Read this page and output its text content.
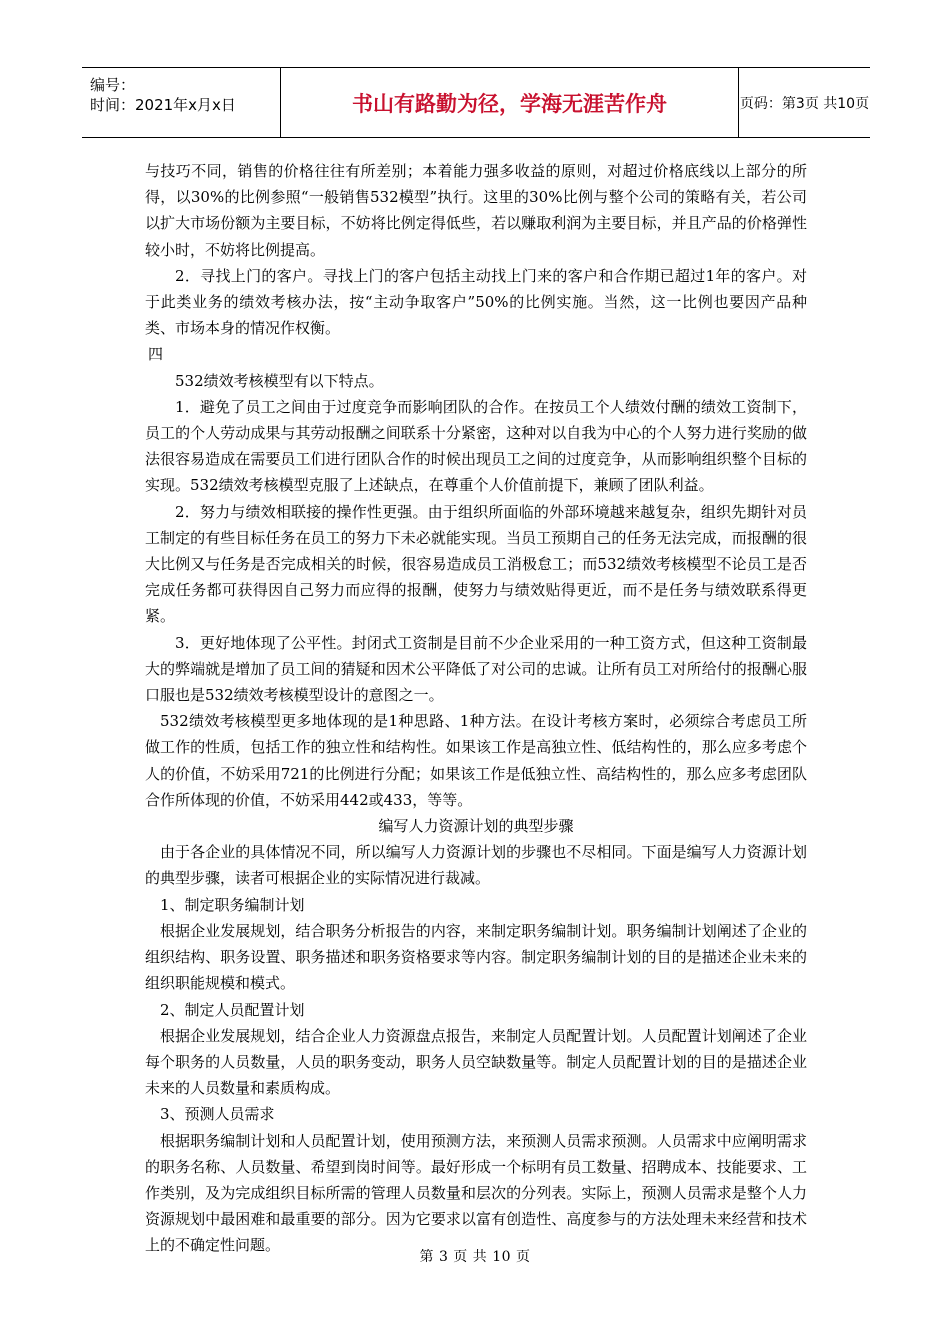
编号：
时间：2021年x月x日	书山有路勤为径，学海无涯苦作舟	页码：第3页 共10页

与技巧不同，销售的价格往往有所差别；本着能力强多收益的原则，对超过价格底线以上部分的所得，以30%的比例参照“一般销售532模型”执行。这里的30%比例与整个公司的策略有关，若公司以扩大市场份额为主要目标，不妨将比例定得低些，若以赚取利润为主要目标，并且产品的价格弹性较小时，不妨将比例提高。

2．寻找上门的客户。寻找上门的客户包括主动找上门来的客户和合作期已超过1年的客户。对于此类业务的绩效考核办法，按“主动争取客户”50%的比例实施。当然，这一比例也要因产品种类、市场本身的情况作权衡。

四

532绩效考核模型有以下特点。

1．避免了员工之间由于过度竞争而影响团队的合作。在按员工个人绩效付酬的绩效工资制下，员工的个人劳动成果与其劳动报酬之间联系十分紧密，这种对以自我为中心的个人努力进行奖励的做法很容易造成在需要员工们进行团队合作的时候出现员工之间的过度竞争，从而影响组织整个目标的实现。532绩效考核模型克服了上述缺点，在尊重个人价值前提下，兼顾了团队利益。

2．努力与绩效相联接的操作性更强。由于组织所面临的外部环境越来越复杂，组织先期针对员工制定的有些目标任务在员工的努力下未必就能实现。当员工预期自己的任务无法完成，而报酬的很大比例又与任务是否完成相关的时候，很容易造成员工消极怠工；而532绩效考核模型不论员工是否完成任务都可获得因自己努力而应得的报酬，使努力与绩效贴得更近，而不是任务与绩效联系得更紧。

3．更好地体现了公平性。封闭式工资制是目前不少企业采用的一种工资方式，但这种工资制最大的弊端就是增加了员工间的猜疑和因术公平降低了对公司的忠诚。让所有员工对所给付的报酬心服口服也是532绩效考核模型设计的意图之一。

532绩效考核模型更多地体现的是1种思路、1种方法。在设计考核方案时，必须综合考虑员工所做工作的性质，包括工作的独立性和结构性。如果该工作是高独立性、低结构性的，那么应多考虑个人的价值，不妨采用721的比例进行分配；如果该工作是低独立性、高结构性的，那么应多考虑团队合作所体现的价值，不妨采用442或433，等等。

编写人力资源计划的典型步骤

由于各企业的具体情况不同，所以编写人力资源计划的步骤也不尽相同。下面是编写人力资源计划的典型步骤，读者可根据企业的实际情况进行裁减。

1、制定职务编制计划

根据企业发展规划，结合职务分析报告的内容，来制定职务编制计划。职务编制计划阐述了企业的组织结构、职务设置、职务描述和职务资格要求等内容。制定职务编制计划的目的是描述企业未来的组织职能规模和模式。

2、制定人员配置计划

根据企业发展规划，结合企业人力资源盘点报告，来制定人员配置计划。人员配置计划阐述了企业每个职务的人员数量，人员的职务变动，职务人员空缺数量等。制定人员配置计划的目的是描述企业未来的人员数量和素质构成。

3、预测人员需求

根据职务编制计划和人员配置计划，使用预测方法，来预测人员需求预测。人员需求中应阐明需求的职务名称、人员数量、希望到岗时间等。最好形成一个标明有员工数量、招聘成本、技能要求、工作类别，及为完成组织目标所需的管理人员数量和层次的分列表。实际上，预测人员需求是整个人力资源规划中最困难和最重要的部分。因为它要求以富有创造性、高度参与的方法处理未来经营和技术上的不确定性问题。

第 3 页 共 10 页
